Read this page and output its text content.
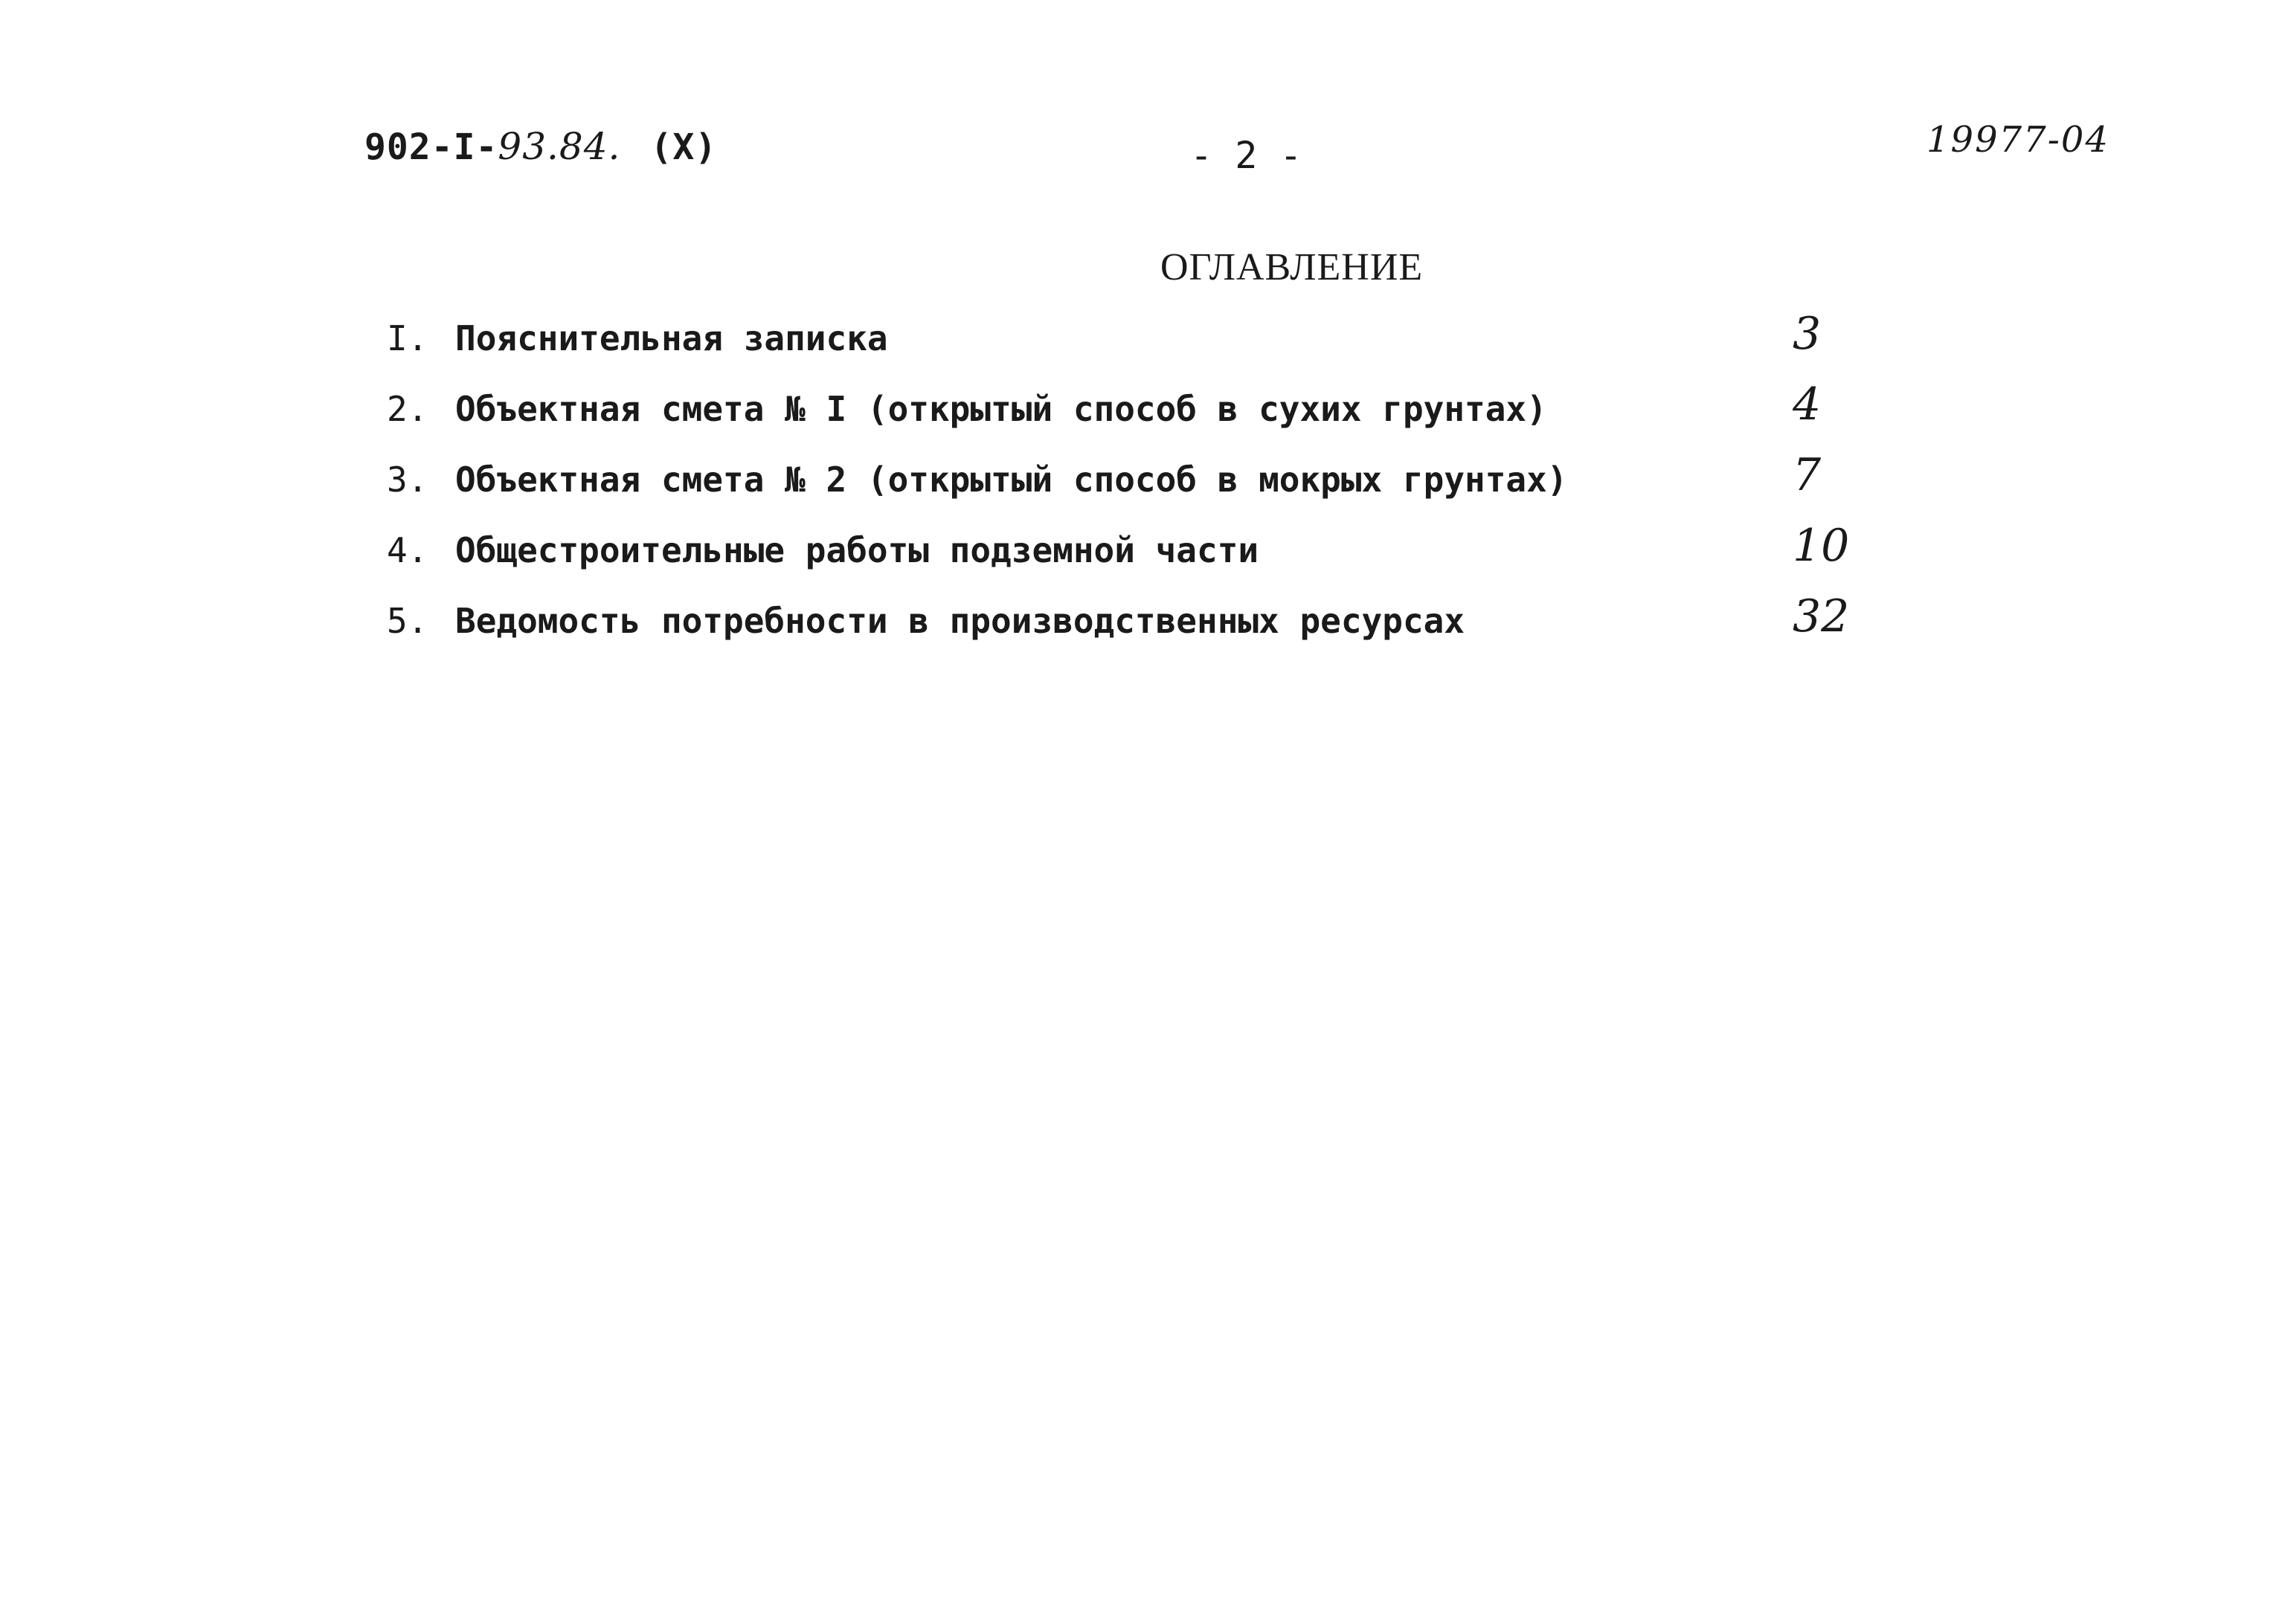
902-I-93.84. (X)	- 2 -	19977-04
ОГЛАВЛЕНИЕ
I. Пояснительная записка	3
2. Объектная смета № I (открытый способ в сухих грунтах)	4
3. Объектная смета № 2 (открытый способ в мокрых грунтах)	7
4. Общестроительные работы подземной части	10
5. Ведомость потребности в производственных ресурсах	32
